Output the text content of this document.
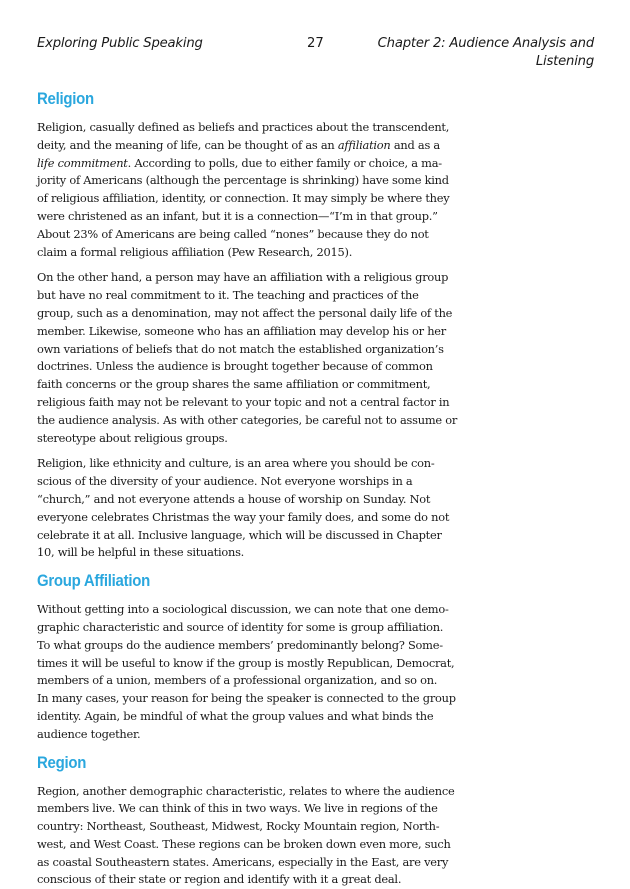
Exploring Public Speaking	27	Chapter 2: Audience Analysis and
Listening
Religion

Religion, casually defined as beliefs and practices about the transcendent,
deity, and the meaning of life, can be thought of as an affiliation and as a
life commitment. According to polls, due to either family or choice, a ma-
jority of Americans (although the percentage is shrinking) have some kind
of religious affiliation, identity, or connection. It may simply be where they
were christened as an infant, but it is a connection—“I’m in that group.”
About 23% of Americans are being called “nones” because they do not
claim a formal religious affiliation (Pew Research, 2015).

On the other hand, a person may have an affiliation with a religious group
but have no real commitment to it. The teaching and practices of the
group, such as a denomination, may not affect the personal daily life of the
member. Likewise, someone who has an affiliation may develop his or her
own variations of beliefs that do not match the established organization’s
doctrines. Unless the audience is brought together because of common
faith concerns or the group shares the same affiliation or commitment,
religious faith may not be relevant to your topic and not a central factor in
the audience analysis. As with other categories, be careful not to assume or
stereotype about religious groups.

Religion, like ethnicity and culture, is an area where you should be con-
scious of the diversity of your audience. Not everyone worships in a
“church,” and not everyone attends a house of worship on Sunday. Not
everyone celebrates Christmas the way your family does, and some do not
celebrate it at all. Inclusive language, which will be discussed in Chapter
10, will be helpful in these situations.

Group Affiliation

Without getting into a sociological discussion, we can note that one demo-
graphic characteristic and source of identity for some is group affiliation.
To what groups do the audience members’ predominantly belong? Some-
times it will be useful to know if the group is mostly Republican, Democrat,
members of a union, members of a professional organization, and so on.
In many cases, your reason for being the speaker is connected to the group
identity. Again, be mindful of what the group values and what binds the
audience together.

Region

Region, another demographic characteristic, relates to where the audience
members live. We can think of this in two ways. We live in regions of the
country: Northeast, Southeast, Midwest, Rocky Mountain region, North-
west, and West Coast. These regions can be broken down even more, such
as coastal Southeastern states. Americans, especially in the East, are very
conscious of their state or region and identify with it a great deal.
